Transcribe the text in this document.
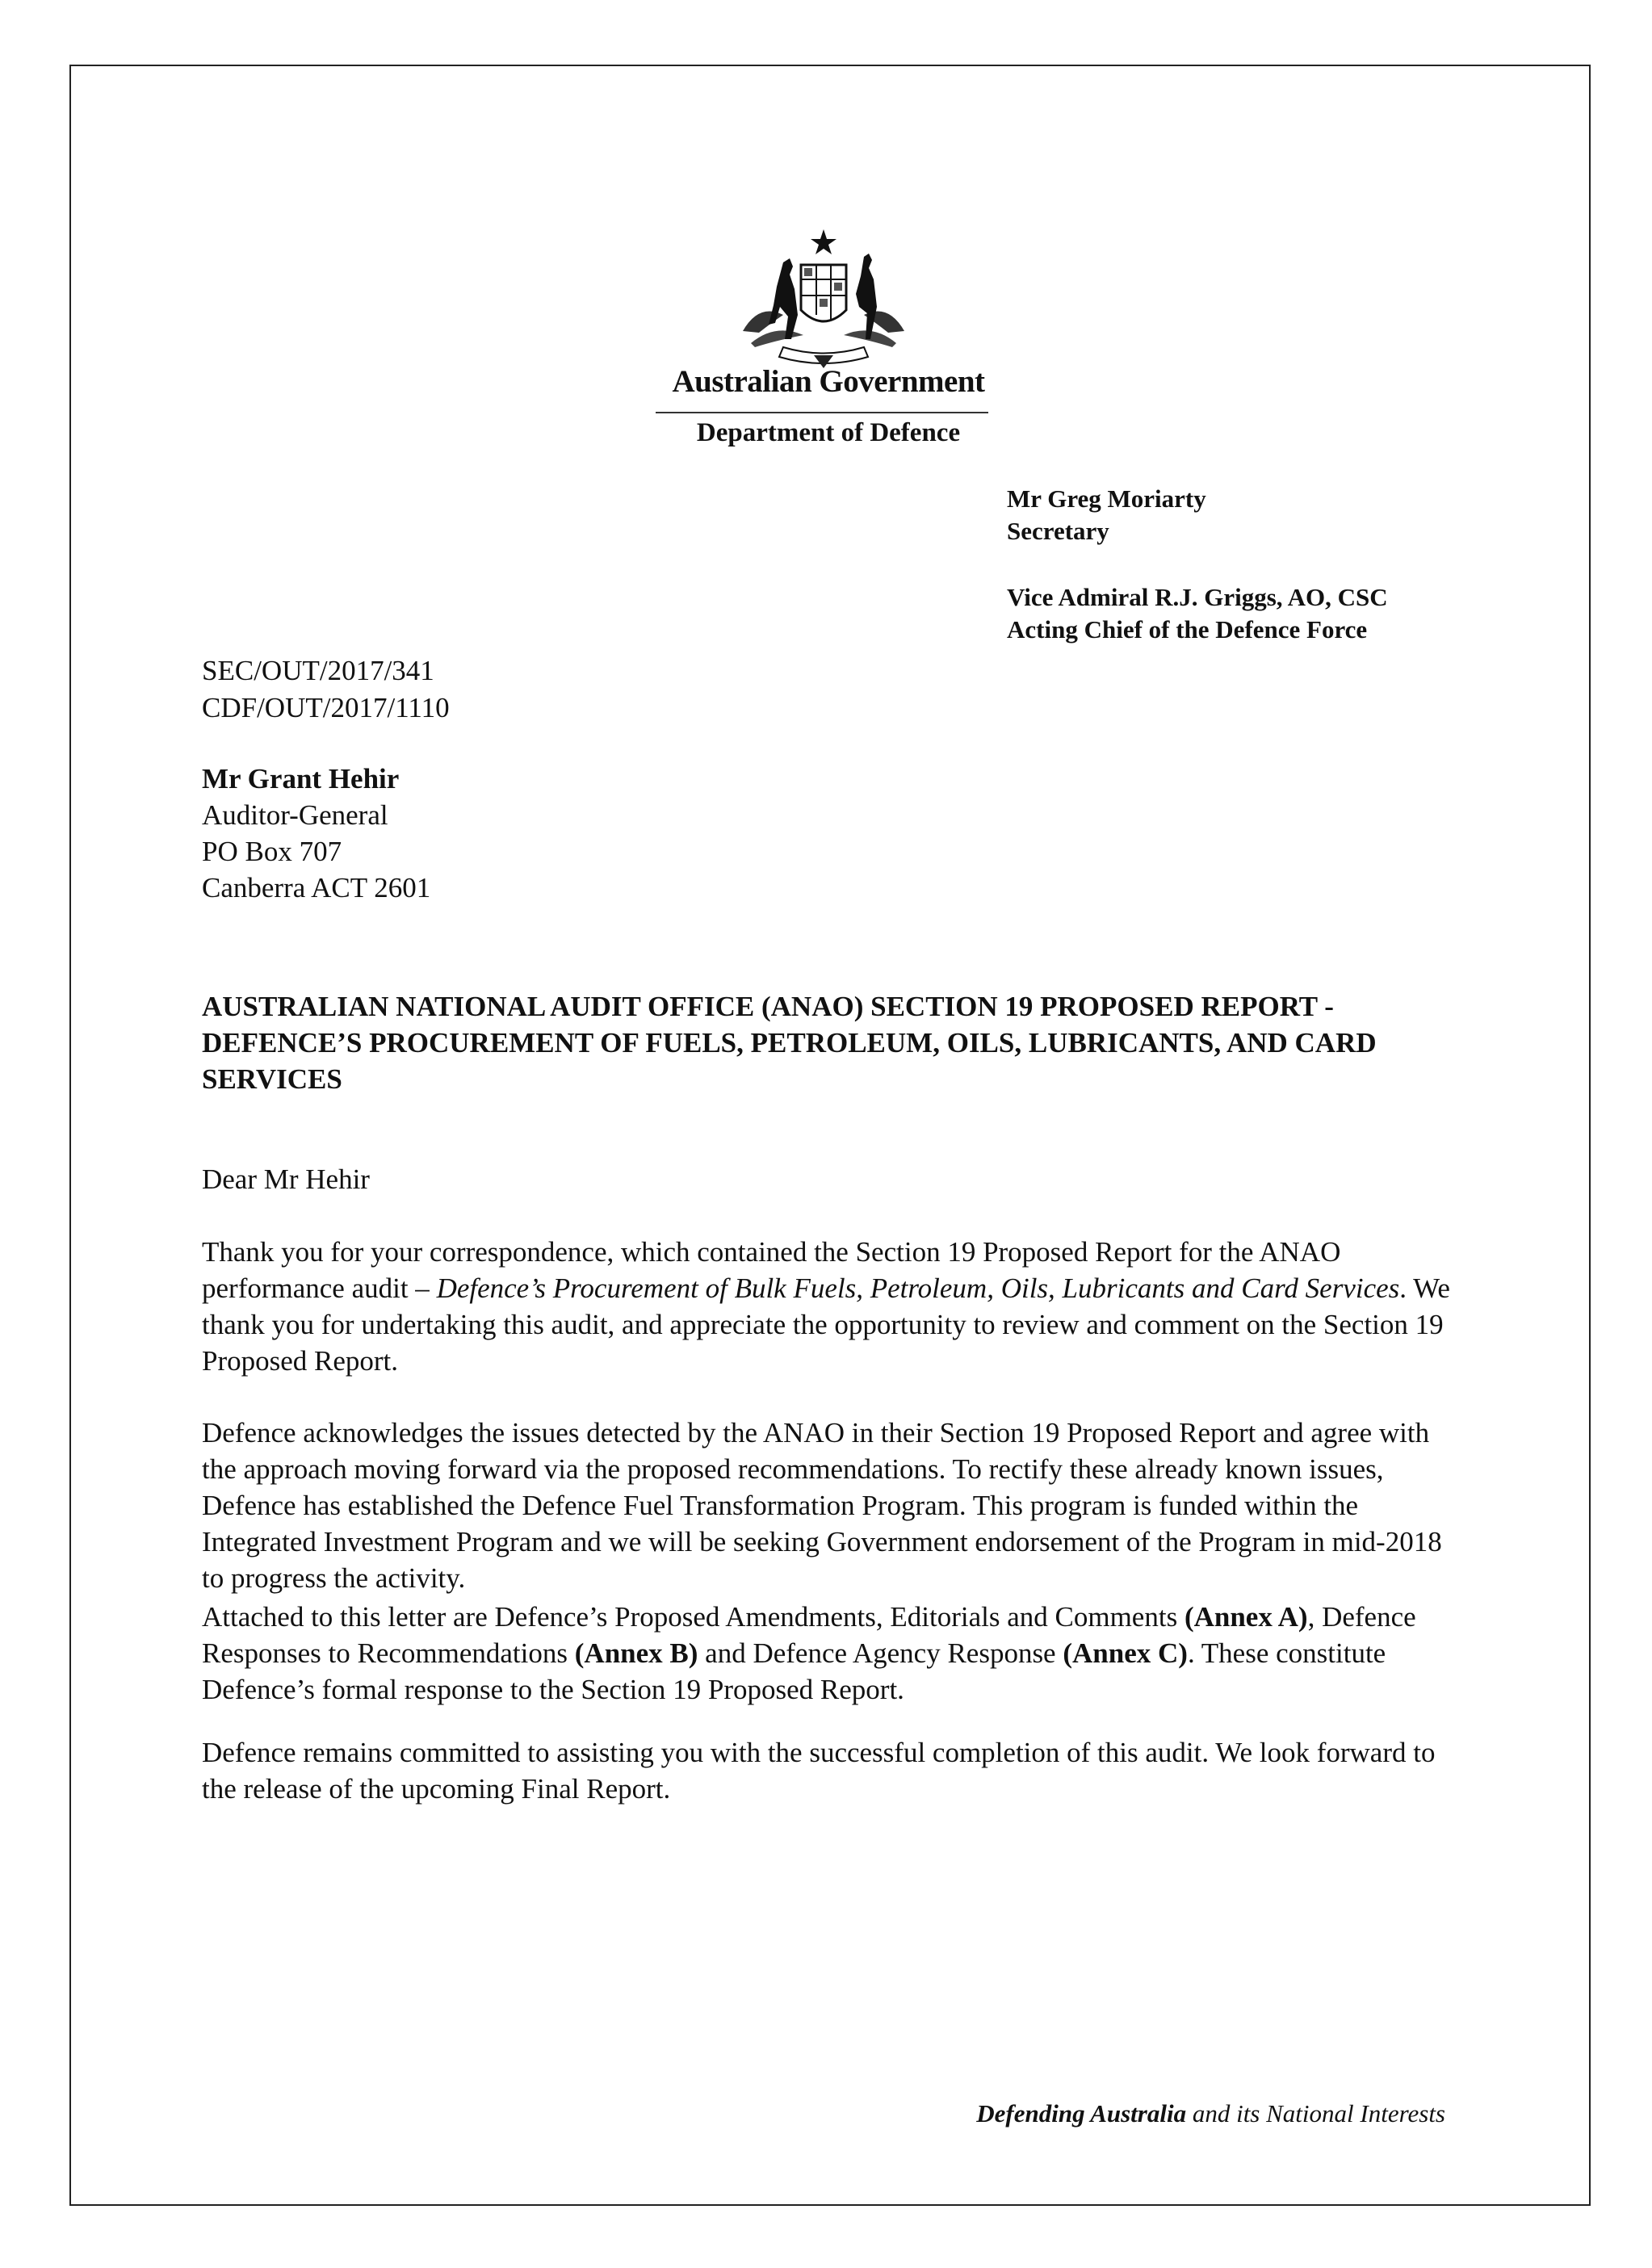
Australian Government
Department of Defence
Mr Greg Moriarty
Secretary
Vice Admiral R.J. Griggs, AO, CSC
Acting Chief of the Defence Force
SEC/OUT/2017/341
CDF/OUT/2017/1110
Mr Grant Hehir
Auditor-General
PO Box 707
Canberra ACT 2601
AUSTRALIAN NATIONAL AUDIT OFFICE (ANAO) SECTION 19 PROPOSED REPORT - DEFENCE’S PROCUREMENT OF FUELS, PETROLEUM, OILS, LUBRICANTS, AND CARD SERVICES
Dear Mr Hehir
Thank you for your correspondence, which contained the Section 19 Proposed Report for the ANAO performance audit – Defence’s Procurement of Bulk Fuels, Petroleum, Oils, Lubricants and Card Services. We thank you for undertaking this audit, and appreciate the opportunity to review and comment on the Section 19 Proposed Report.
Defence acknowledges the issues detected by the ANAO in their Section 19 Proposed Report and agree with the approach moving forward via the proposed recommendations. To rectify these already known issues, Defence has established the Defence Fuel Transformation Program. This program is funded within the Integrated Investment Program and we will be seeking Government endorsement of the Program in mid-2018 to progress the activity.
Attached to this letter are Defence’s Proposed Amendments, Editorials and Comments (Annex A), Defence Responses to Recommendations (Annex B) and Defence Agency Response (Annex C). These constitute Defence’s formal response to the Section 19 Proposed Report.
Defence remains committed to assisting you with the successful completion of this audit. We look forward to the release of the upcoming Final Report.
Defending Australia and its National Interests
